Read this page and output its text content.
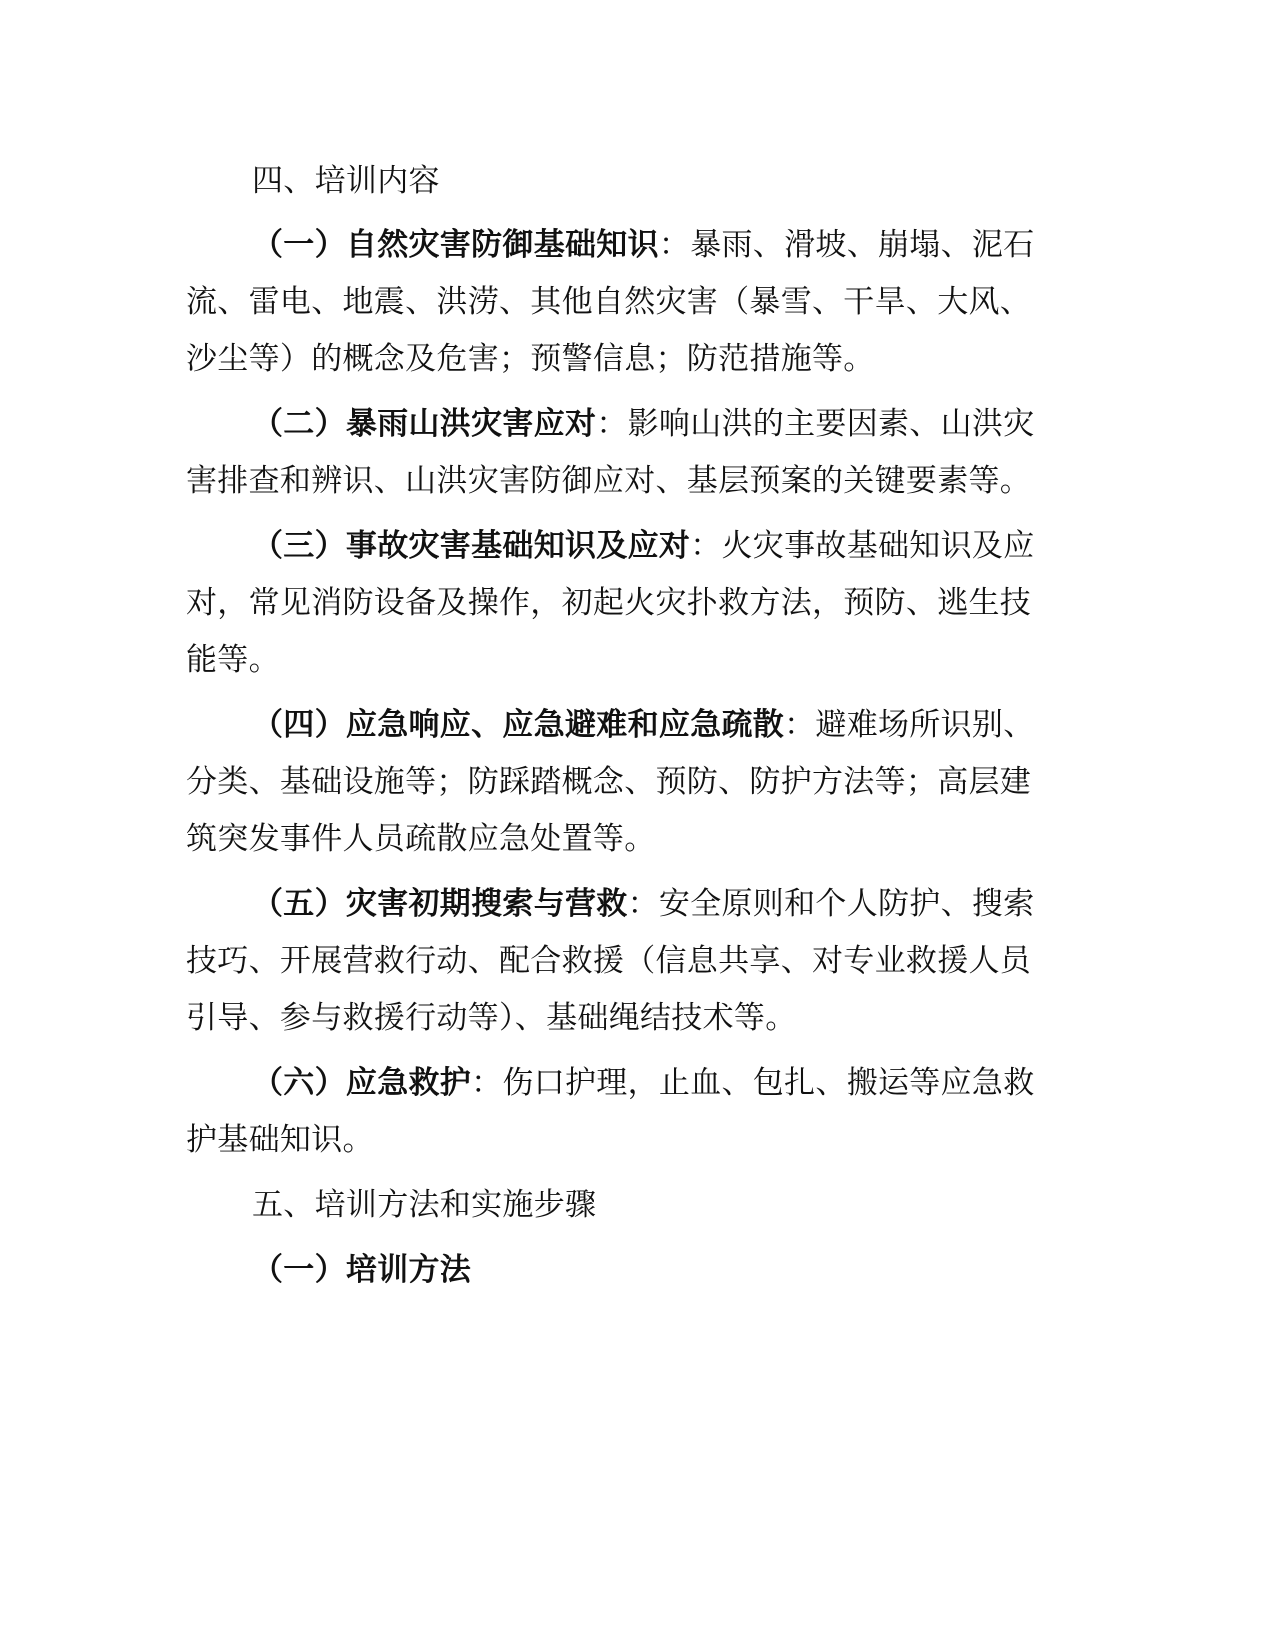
四、培训内容
（一）自然灾害防御基础知识：暴雨、滑坡、崩塌、泥石
流、雷电、地震、洪涝、其他自然灾害（暴雪、干旱、大风、
沙尘等）的概念及危害；预警信息；防范措施等。
（二）暴雨山洪灾害应对：影响山洪的主要因素、山洪灾
害排查和辨识、山洪灾害防御应对、基层预案的关键要素等。
（三）事故灾害基础知识及应对：火灾事故基础知识及应
对，常见消防设备及操作，初起火灾扑救方法，预防、逃生技
能等。
（四）应急响应、应急避难和应急疏散：避难场所识别、
分类、基础设施等；防踩踏概念、预防、防护方法等；高层建
筑突发事件人员疏散应急处置等。
（五）灾害初期搜索与营救：安全原则和个人防护、搜索
技巧、开展营救行动、配合救援（信息共享、对专业救援人员
引导、参与救援行动等）、基础绳结技术等。
（六）应急救护：伤口护理，止血、包扎、搬运等应急救
护基础知识。
五、培训方法和实施步骤
（一）培训方法
